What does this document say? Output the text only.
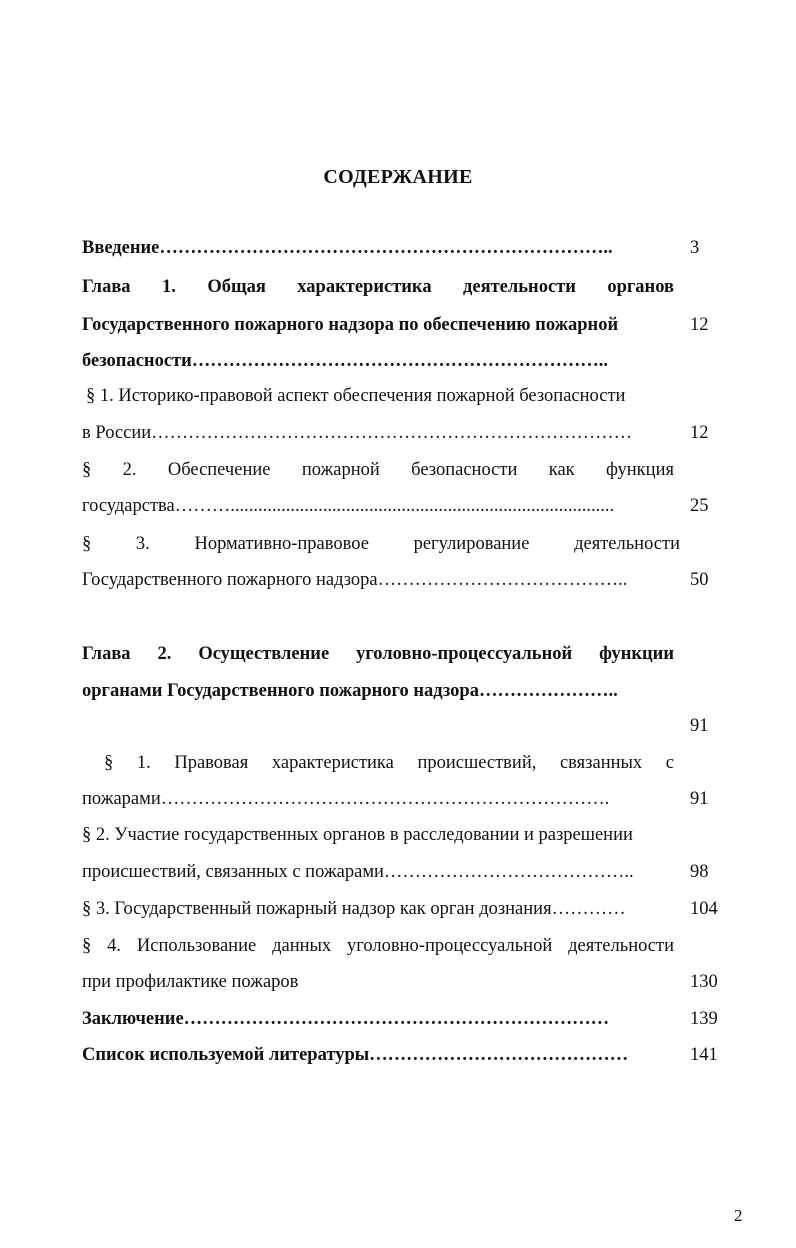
СОДЕРЖАНИЕ
Введение………………………………………………………………..	3
Глава 1. Общая характеристика деятельности органов
Государственного пожарного надзора по обеспечению пожарной	12
безопасности…………………………………………………………..
§ 1. Историко-правовой аспект обеспечения пожарной безопасности
в России……………………………………………………………………	12
§ 2. Обеспечение пожарной безопасности как функция
государства………...................................................................................	25
§ 3. Нормативно-правовое регулирование деятельности
Государственного пожарного надзора…………………………………..	50
Глава 2. Осуществление уголовно-процессуальной функции
органами Государственного пожарного надзора…………………..
91
§ 1. Правовая характеристика происшествий, связанных с
пожарами……………………………………………………………….	91
§ 2. Участие государственных органов в расследовании и разрешении
происшествий, связанных с пожарами…………………………………..	98
§ 3. Государственный пожарный надзор как орган дознания…………	104
§ 4. Использование данных уголовно-процессуальной деятельности
при профилактике пожаров	130
Заключение……………………………………………………………	139
Список используемой литературы……………………………………	141
2
